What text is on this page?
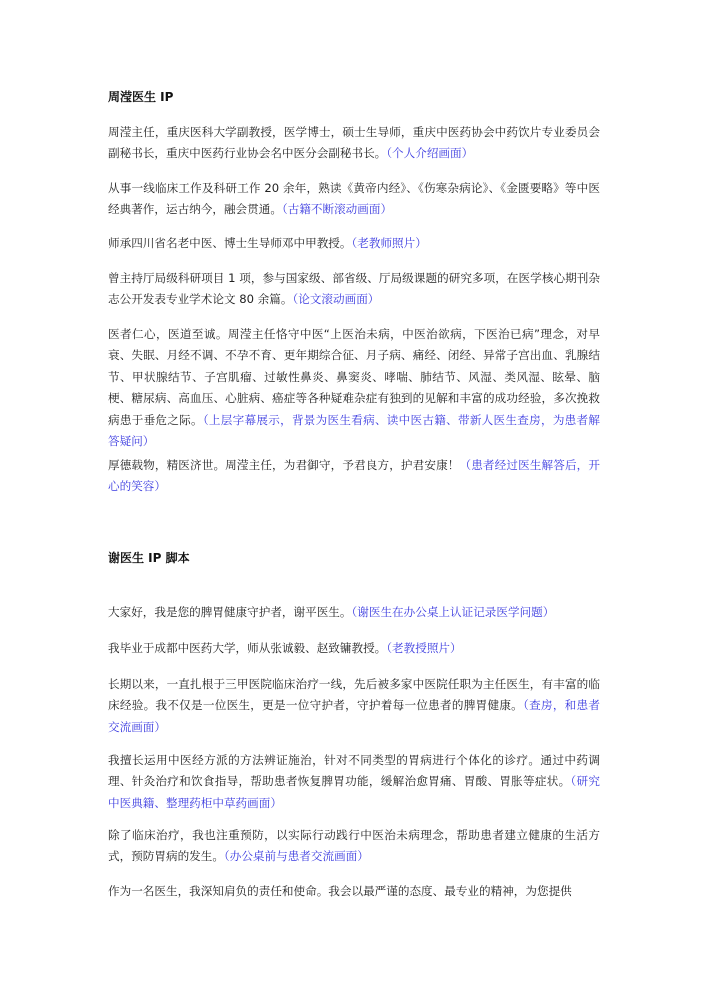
周滢医生 IP

周滢主任，重庆医科大学副教授，医学博士，硕士生导师，重庆中医药协会中药饮片专业委员会副秘书长，重庆中医药行业协会名中医分会副秘书长。（个人介绍画面）

从事一线临床工作及科研工作 20 余年，熟读《黄帝内经》、《伤寒杂病论》、《金匮要略》等中医经典著作，运古纳今，融会贯通。（古籍不断滚动画面）

师承四川省名老中医、博士生导师邓中甲教授。（老教师照片）

曾主持厅局级科研项目 1 项，参与国家级、部省级、厅局级课题的研究多项，在医学核心期刊杂志公开发表专业学术论文 80 余篇。（论文滚动画面）

医者仁心，医道至诚。周滢主任恪守中医“上医治未病，中医治欲病，下医治已病”理念，对早衰、失眠、月经不调、不孕不育、更年期综合征、月子病、痛经、闭经、异常子宫出血、乳腺结节、甲状腺结节、子宫肌瘤、过敏性鼻炎、鼻窦炎、哮喘、肺结节、风湿、类风湿、眩晕、脑梗、糖尿病、高血压、心脏病、癌症等各种疑难杂症有独到的见解和丰富的成功经验，多次挽救病患于垂危之际。（上层字幕展示，背景为医生看病、读中医古籍、带新人医生查房，为患者解答疑问）

厚德载物，精医济世。周滢主任，为君御守，予君良方，护君安康！（患者经过医生解答后，开心的笑容）

谢医生 IP 脚本

大家好，我是您的脾胃健康守护者，谢平医生。（谢医生在办公桌上认证记录医学问题）

我毕业于成都中医药大学，师从张诚毅、赵致镛教授。（老教授照片）

长期以来，一直扎根于三甲医院临床治疗一线，先后被多家中医院任职为主任医生，有丰富的临床经验。我不仅是一位医生，更是一位守护者，守护着每一位患者的脾胃健康。（查房，和患者交流画面）

我擅长运用中医经方派的方法辨证施治，针对不同类型的胃病进行个体化的诊疗。通过中药调理、针灸治疗和饮食指导，帮助患者恢复脾胃功能，缓解治愈胃痛、胃酸、胃胀等症状。（研究中医典籍、整理药柜中草药画面）

除了临床治疗，我也注重预防，以实际行动践行中医治未病理念，帮助患者建立健康的生活方式，预防胃病的发生。（办公桌前与患者交流画面）

作为一名医生，我深知肩负的责任和使命。我会以最严谨的态度、最专业的精神，为您提供
